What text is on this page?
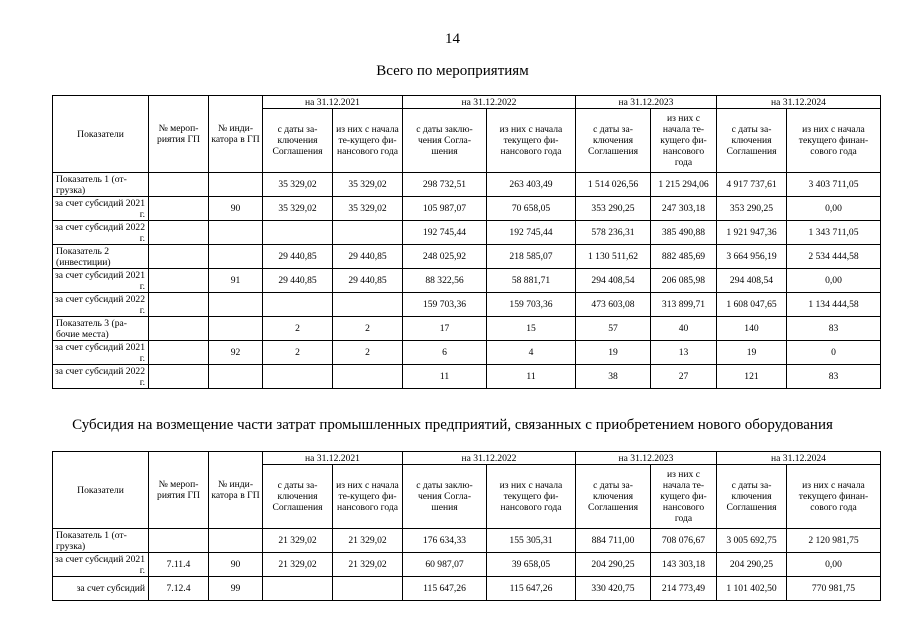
14
Всего по мероприятиям
Показатели	№ мероп-риятия ГП	№ инди-катора в ГП	на 31.12.2021		на 31.12.2022		на 31.12.2023		на 31.12.2024	
			с даты за-ключения Соглашения	из них с начала те-кущего фи-нансового года	с даты заклю-чения Согла-шения	из них с начала текущего фи-нансового года	с даты за-ключения Соглашения	из них с начала те-кущего фи-нансового года	с даты за-ключения Соглашения	из них с начала текущего финан-сового года
Показатель 1 (от-грузка)			35 329,02	35 329,02	298 732,51	263 403,49	1 514 026,56	1 215 294,06	4 917 737,61	3 403 711,05
за счет субсидий 2021 г.		90	35 329,02	35 329,02	105 987,07	70 658,05	353 290,25	247 303,18	353 290,25	0,00
за счет субсидий 2022 г.					192 745,44	192 745,44	578 236,31	385 490,88	1 921 947,36	1 343 711,05
Показатель 2 (инвестиции)			29 440,85	29 440,85	248 025,92	218 585,07	1 130 511,62	882 485,69	3 664 956,19	2 534 444,58
за счет субсидий 2021 г.		91	29 440,85	29 440,85	88 322,56	58 881,71	294 408,54	206 085,98	294 408,54	0,00
за счет субсидий 2022 г.					159 703,36	159 703,36	473 603,08	313 899,71	1 608 047,65	1 134 444,58
Показатель 3 (ра-бочие места)			2	2	17	15	57	40	140	83
за счет субсидий 2021 г.		92	2	2	6	4	19	13	19	0
за счет субсидий 2022 г.					11	11	38	27	121	83
Субсидия на возмещение части затрат промышленных предприятий, связанных с приобретением нового оборудования
Показатели	№ мероп-риятия ГП	№ инди-катора в ГП	на 31.12.2021		на 31.12.2022		на 31.12.2023		на 31.12.2024	
			с даты за-ключения Соглашения	из них с начала те-кущего фи-нансового года	с даты заклю-чения Согла-шения	из них с начала текущего фи-нансового года	с даты за-ключения Соглашения	из них с начала те-кущего фи-нансового года	с даты за-ключения Соглашения	из них с начала текущего финан-сового года
Показатель 1 (от-грузка)			21 329,02	21 329,02	176 634,33	155 305,31	884 711,00	708 076,67	3 005 692,75	2 120 981,75
за счет субсидий 2021 г.	7.11.4	90	21 329,02	21 329,02	60 987,07	39 658,05	204 290,25	143 303,18	204 290,25	0,00
за счет субсидий	7.12.4	99			115 647,26	115 647,26	330 420,75	214 773,49	1 101 402,50	770 981,75
